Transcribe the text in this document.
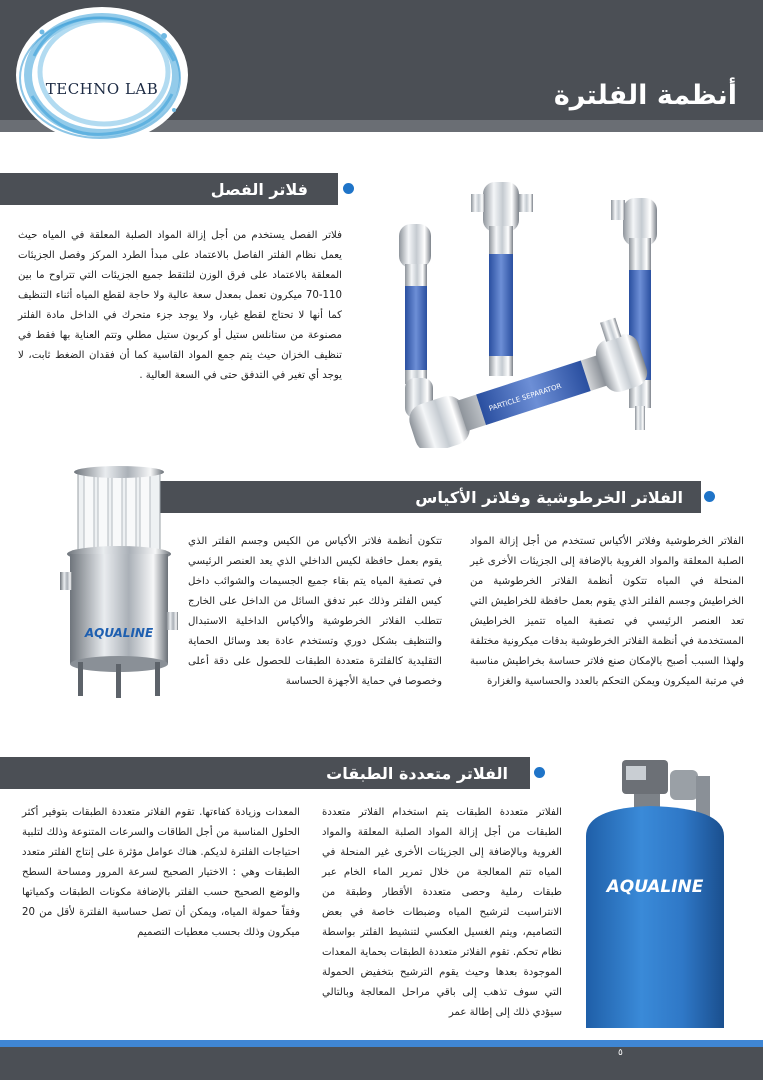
TECHNO LAB	أنظمة الفلترة
فلاتر الفصل
فلاتر الفصل يستخدم من أجل إزالة المواد الصلبة المعلقة في المياه حيث يعمل نظام الفلتر الفاصل بالاعتماد على مبدأ الطرد المركز وفصل الجزيئات المعلقة بالاعتماد على فرق الوزن لتلتقط جميع الجزيئات التي تتراوح ما بين 110-70 ميكرون تعمل بمعدل سعة عالية ولا حاجة لقطع المياه أثناء التنظيف كما أنها لا تحتاج لقطع غيار، ولا يوجد جزء متحرك في الداخل مادة الفلتر مصنوعة من ستانلس ستيل أو كربون ستيل مطلي وتتم العناية بها فقط في تنظيف الخزان حيث يتم جمع المواد القاسية كما أن فقدان الضغط ثابت، لا يوجد أي تغير في التدفق حتى في السعة العالية .
PARTICLE SEPARATOR
الفلاتر الخرطوشية وفلاتر الأكياس
AQUALINE
الفلاتر الخرطوشية وفلاتر الأكياس تستخدم من أجل إزالة المواد الصلبة المعلقة والمواد الغروية بالإضافة إلى الجزيئات الأخرى غير المنحلة في المياه تتكون أنظمة الفلاتر الخرطوشية من الخراطيش وجسم الفلتر الذي يقوم بعمل حافظة للخراطيش التي تعد العنصر الرئيسي في تصفية المياه تتميز الخراطيش المستخدمة في أنظمة الفلاتر الخرطوشية بدقات ميكرونية مختلفة ولهذا السبب أصبح بالإمكان صنع فلاتر حساسة بخراطيش مناسبة في مرتبة الميكرون ويمكن التحكم بالعدد والحساسية والغزارة
تتكون أنظمة فلاتر الأكياس من الكيس وجسم الفلتر الذي يقوم بعمل حافظة لكيس الداخلي الذي يعد العنصر الرئيسي في تصفية المياه يتم بقاء جميع الجسيمات والشوائب داخل كيس الفلتر وذلك عبر تدفق السائل من الداخل على الخارج تتطلب الفلاتر الخرطوشية والأكياس الداخلية الاستبدال والتنظيف بشكل دوري وتستخدم عادة بعد وسائل الحماية التقليدية كالفلترة متعددة الطبقات للحصول على دقة أعلى وخصوصا في حماية الأجهزة الحساسة
الفلاتر متعددة الطبقات
الفلاتر متعددة الطبقات يتم استخدام الفلاتر متعددة الطبقات من أجل إزالة المواد الصلبة المعلقة والمواد الغروية وبالإضافة إلى الجزيئات الأخرى غير المنحلة في المياه تتم المعالجة من خلال تمرير الماء الخام عبر طبقات رملية وحصى متعددة الأقطار وطبقة من الانتراسيت لترشيح المياه وضبطات خاصة في بعض التصاميم، ويتم الغسيل العكسي لتنشيط الفلتر بواسطة نظام تحكم. تقوم الفلاتر متعددة الطبقات بحماية المعدات الموجودة بعدها وحيث يقوم الترشيح بتخفيض الحمولة التي سوف تذهب إلى باقي مراحل المعالجة وبالتالي سيؤدي ذلك إلى إطالة عمر
المعدات وزيادة كفاءتها. تقوم الفلاتر متعددة الطبقات بتوفير أكثر الحلول المناسبة من أجل الطاقات والسرعات المتنوعة وذلك لتلبية احتياجات الفلترة لديكم. هناك عوامل مؤثرة على إنتاج الفلتر متعدد الطبقات وهي : الاختيار الصحيح لسرعة المرور ومساحة السطح والوضع الصحيح حسب الفلتر بالإضافة مكونات الطبقات وكمياتها وفقاً حمولة المياه، ويمكن أن تصل حساسية الفلترة لأقل من 20 ميكرون وذلك بحسب معطيات التصميم
AQUALINE
٥
